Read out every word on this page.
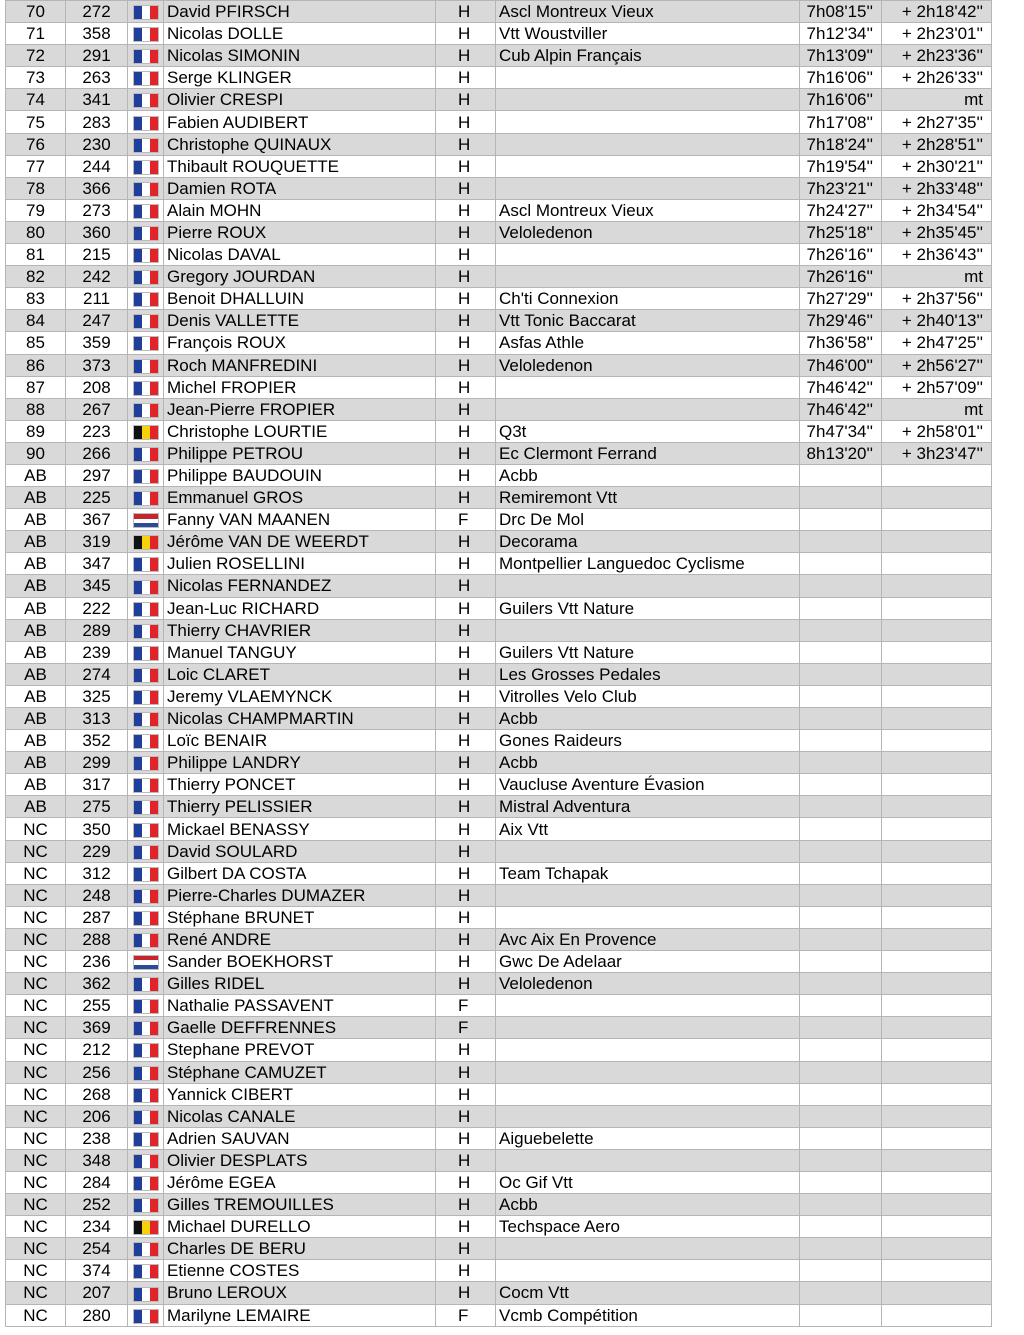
70	272		David PFIRSCH	H	Ascl Montreux Vieux	7h08'15''	+ 2h18'42''
71	358		Nicolas DOLLE	H	Vtt Woustviller	7h12'34''	+ 2h23'01''
72	291		Nicolas SIMONIN	H	Cub Alpin Français	7h13'09''	+ 2h23'36''
73	263		Serge KLINGER	H		7h16'06''	+ 2h26'33''
74	341		Olivier CRESPI	H		7h16'06''	mt
75	283		Fabien AUDIBERT	H		7h17'08''	+ 2h27'35''
76	230		Christophe QUINAUX	H		7h18'24''	+ 2h28'51''
77	244		Thibault ROUQUETTE	H		7h19'54''	+ 2h30'21''
78	366		Damien ROTA	H		7h23'21''	+ 2h33'48''
79	273		Alain MOHN	H	Ascl Montreux Vieux	7h24'27''	+ 2h34'54''
80	360		Pierre ROUX	H	Veloledenon	7h25'18''	+ 2h35'45''
81	215		Nicolas DAVAL	H		7h26'16''	+ 2h36'43''
82	242		Gregory JOURDAN	H		7h26'16''	mt
83	211		Benoit DHALLUIN	H	Ch'ti Connexion	7h27'29''	+ 2h37'56''
84	247		Denis VALLETTE	H	Vtt Tonic Baccarat	7h29'46''	+ 2h40'13''
85	359		François ROUX	H	Asfas Athle	7h36'58''	+ 2h47'25''
86	373		Roch MANFREDINI	H	Veloledenon	7h46'00''	+ 2h56'27''
87	208		Michel FROPIER	H		7h46'42''	+ 2h57'09''
88	267		Jean-Pierre FROPIER	H		7h46'42''	mt
89	223		Christophe LOURTIE	H	Q3t	7h47'34''	+ 2h58'01''
90	266		Philippe PETROU	H	Ec Clermont Ferrand	8h13'20''	+ 3h23'47''
AB	297		Philippe BAUDOUIN	H	Acbb		
AB	225		Emmanuel GROS	H	Remiremont Vtt		
AB	367		Fanny VAN MAANEN	F	Drc De Mol		
AB	319		Jérôme VAN DE WEERDT	H	Decorama		
AB	347		Julien ROSELLINI	H	Montpellier Languedoc Cyclisme		
AB	345		Nicolas FERNANDEZ	H			
AB	222		Jean-Luc RICHARD	H	Guilers Vtt Nature		
AB	289		Thierry CHAVRIER	H			
AB	239		Manuel TANGUY	H	Guilers Vtt Nature		
AB	274		Loic CLARET	H	Les Grosses Pedales		
AB	325		Jeremy VLAEMYNCK	H	Vitrolles Velo Club		
AB	313		Nicolas CHAMPMARTIN	H	Acbb		
AB	352		Loïc BENAIR	H	Gones Raideurs		
AB	299		Philippe LANDRY	H	Acbb		
AB	317		Thierry PONCET	H	Vaucluse Aventure Évasion		
AB	275		Thierry PELISSIER	H	Mistral Adventura		
NC	350		Mickael BENASSY	H	Aix Vtt		
NC	229		David SOULARD	H			
NC	312		Gilbert DA COSTA	H	Team Tchapak		
NC	248		Pierre-Charles DUMAZER	H			
NC	287		Stéphane BRUNET	H			
NC	288		René ANDRE	H	Avc Aix En Provence		
NC	236		Sander BOEKHORST	H	Gwc De Adelaar		
NC	362		Gilles RIDEL	H	Veloledenon		
NC	255		Nathalie PASSAVENT	F			
NC	369		Gaelle DEFFRENNES	F			
NC	212		Stephane PREVOT	H			
NC	256		Stéphane CAMUZET	H			
NC	268		Yannick CIBERT	H			
NC	206		Nicolas CANALE	H			
NC	238		Adrien SAUVAN	H	Aiguebelette		
NC	348		Olivier DESPLATS	H			
NC	284		Jérôme EGEA	H	Oc Gif Vtt		
NC	252		Gilles TREMOUILLES	H	Acbb		
NC	234		Michael DURELLO	H	Techspace Aero		
NC	254		Charles DE BERU	H			
NC	374		Etienne COSTES	H			
NC	207		Bruno LEROUX	H	Cocm Vtt		
NC	280		Marilyne LEMAIRE	F	Vcmb Compétition		
